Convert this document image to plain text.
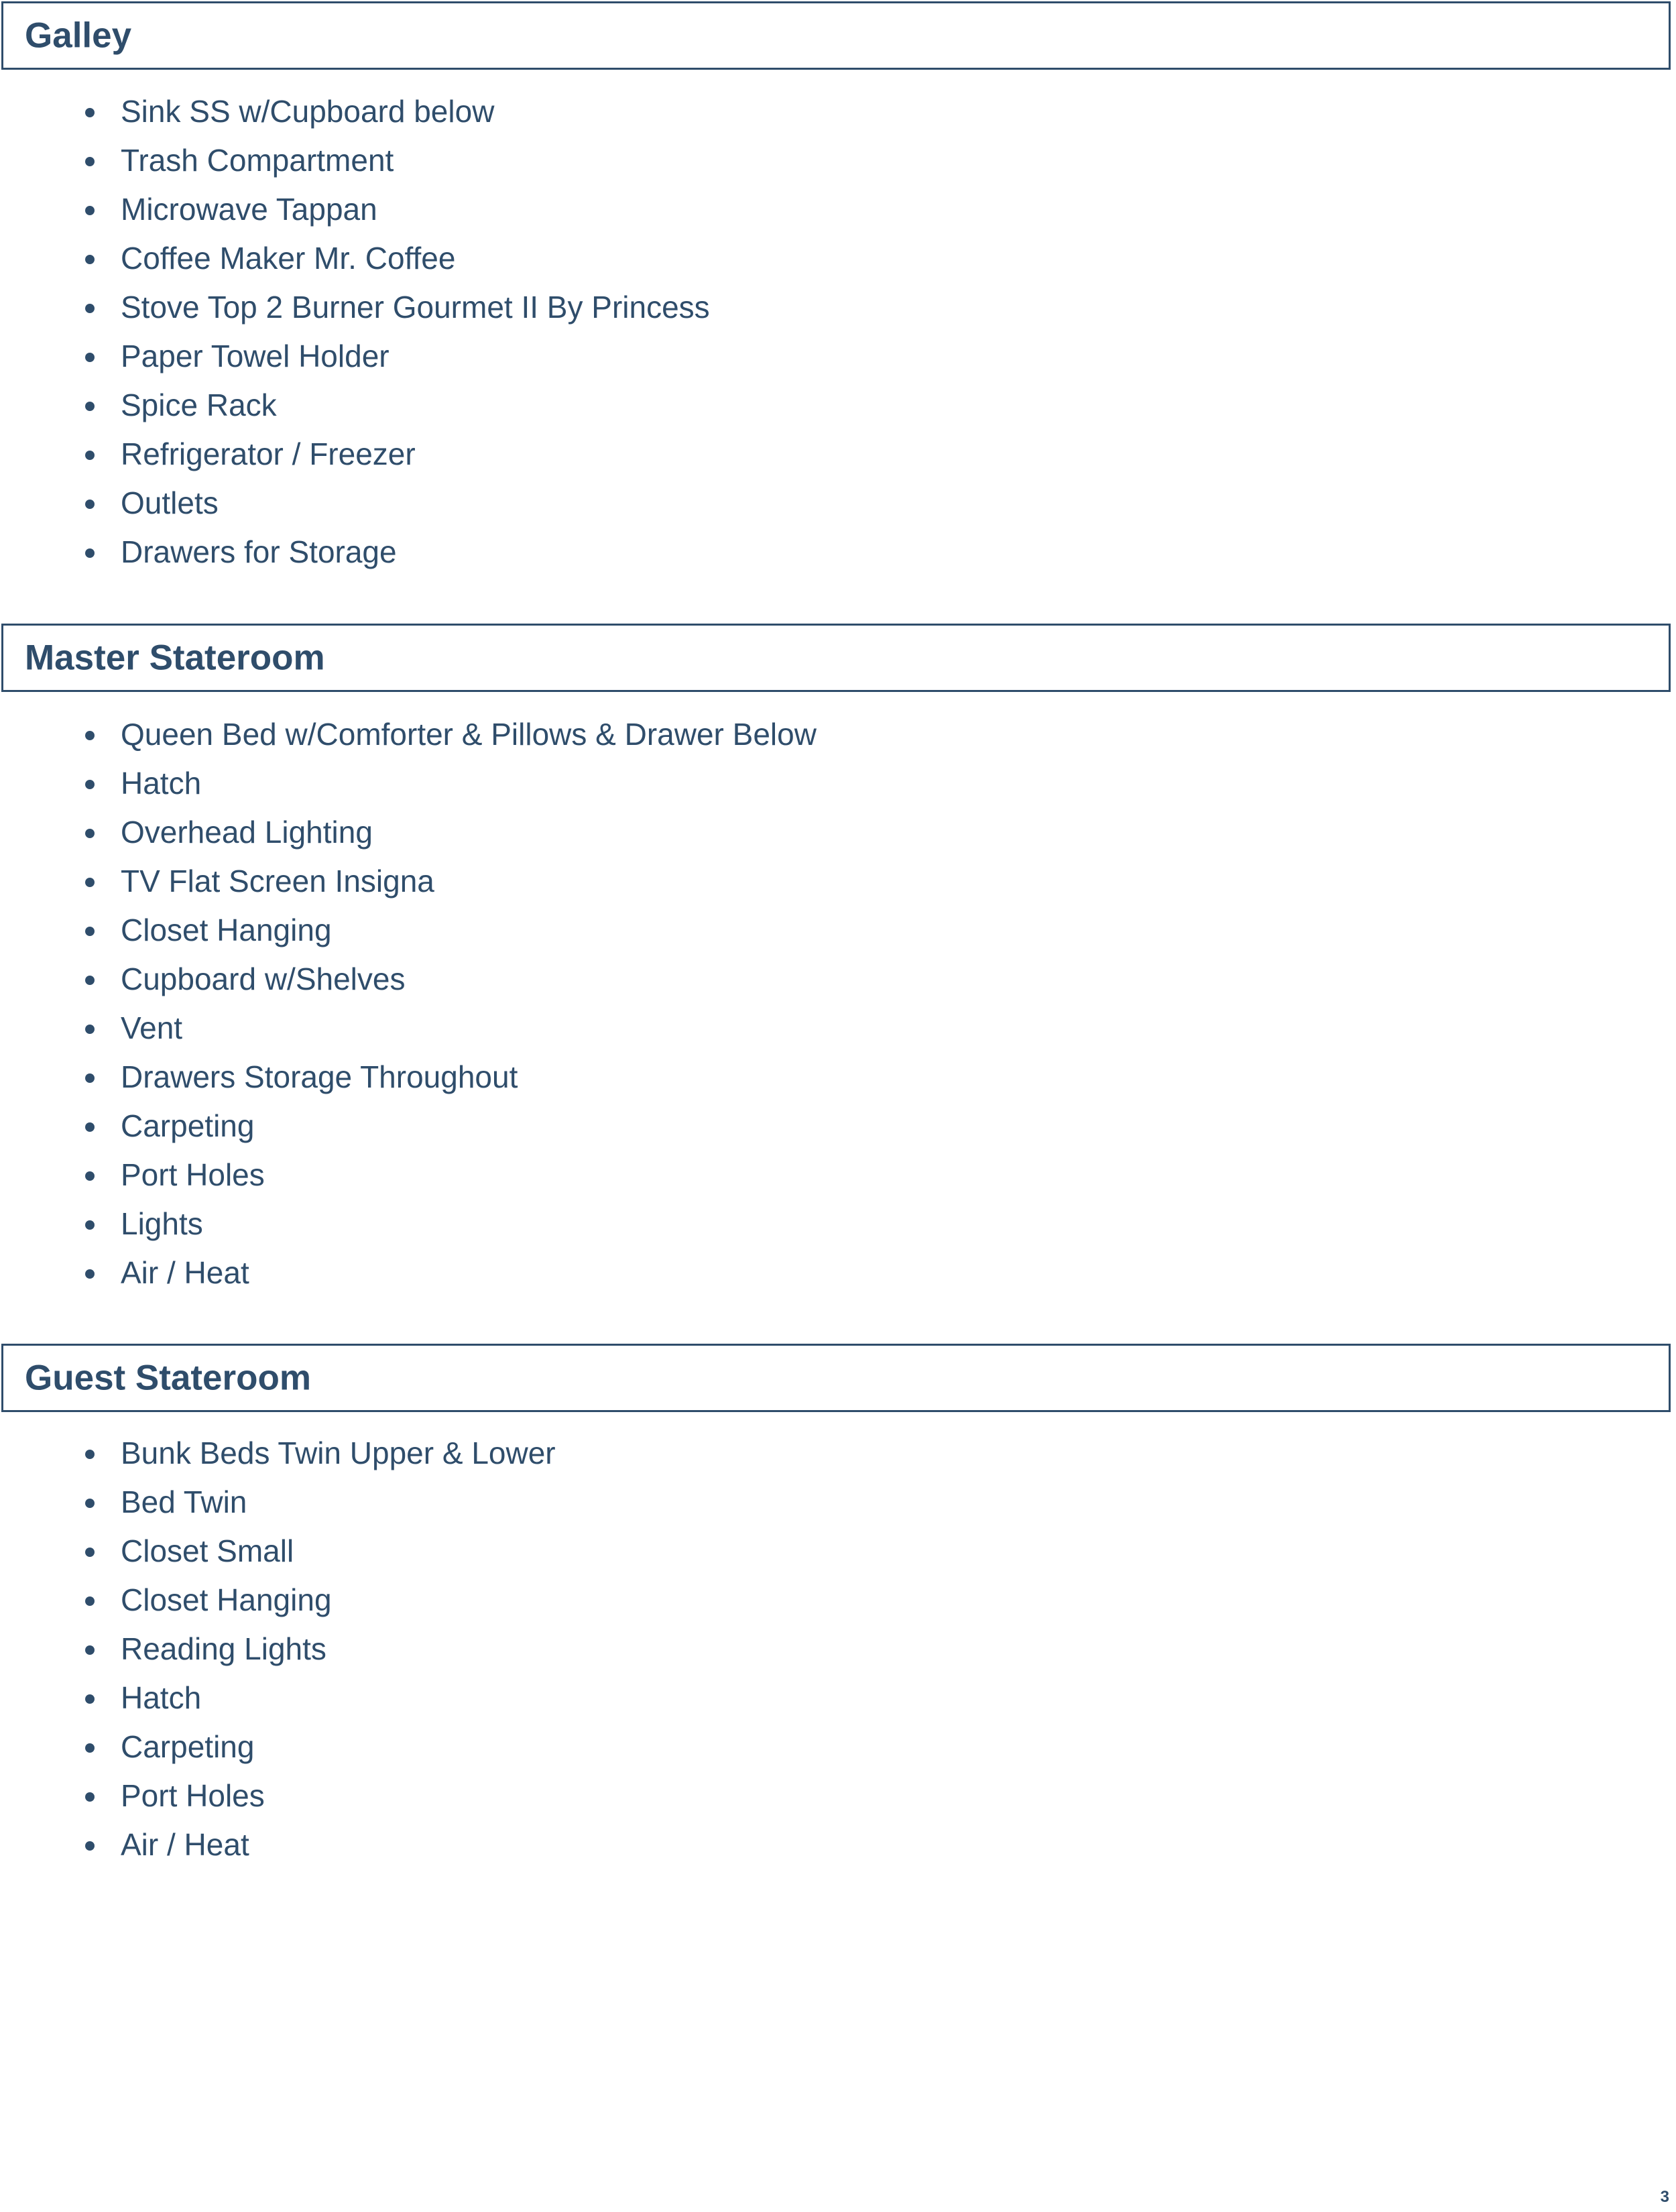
Galley
Sink SS w/Cupboard below
Trash Compartment
Microwave Tappan
Coffee Maker Mr. Coffee
Stove Top 2 Burner Gourmet II By Princess
Paper Towel Holder
Spice Rack
Refrigerator / Freezer
Outlets
Drawers for Storage
Master Stateroom
Queen Bed w/Comforter & Pillows & Drawer Below
Hatch
Overhead Lighting
TV Flat Screen Insigna
Closet Hanging
Cupboard w/Shelves
Vent
Drawers Storage Throughout
Carpeting
Port Holes
Lights
Air / Heat
Guest Stateroom
Bunk Beds Twin Upper & Lower
Bed Twin
Closet Small
Closet Hanging
Reading Lights
Hatch
Carpeting
Port Holes
Air / Heat
3
